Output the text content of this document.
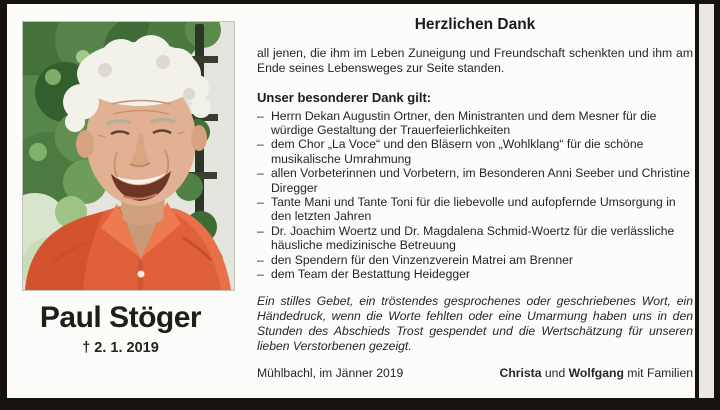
Paul Stöger
† 2. 1. 2019
Herzlichen Dank

all jenen, die ihm im Leben Zuneigung und Freundschaft schenkten und ihm am Ende seines Lebensweges zur Seite standen.

Unser besonderer Dank gilt:
– Herrn Dekan Augustin Ortner, den Ministranten und dem Mesner für die würdige Gestaltung der Trauerfeierlichkeiten
– dem Chor „La Voce“ und den Bläsern von „Wohlklang“ für die schöne musikalische Umrahmung
– allen Vorbeterinnen und Vorbetern, im Besonderen Anni Seeber und Christine Diregger
– Tante Mani und Tante Toni für die liebevolle und aufopfernde Umsorgung in den letzten Jahren
– Dr. Joachim Woertz und Dr. Magdalena Schmid-Woertz für die verlässliche häusliche medizinische Betreuung
– den Spendern für den Vinzenzverein Matrei am Brenner
– dem Team der Bestattung Heidegger

Ein stilles Gebet, ein tröstendes gesprochenes oder geschriebenes Wort, ein Händedruck, wenn die Worte fehlten oder eine Umarmung haben uns in den Stunden des Abschieds Trost gespendet und die Wertschätzung für unseren lieben Verstorbenen gezeigt.

Mühlbachl, im Jänner 2019	Christa und Wolfgang mit Familien
